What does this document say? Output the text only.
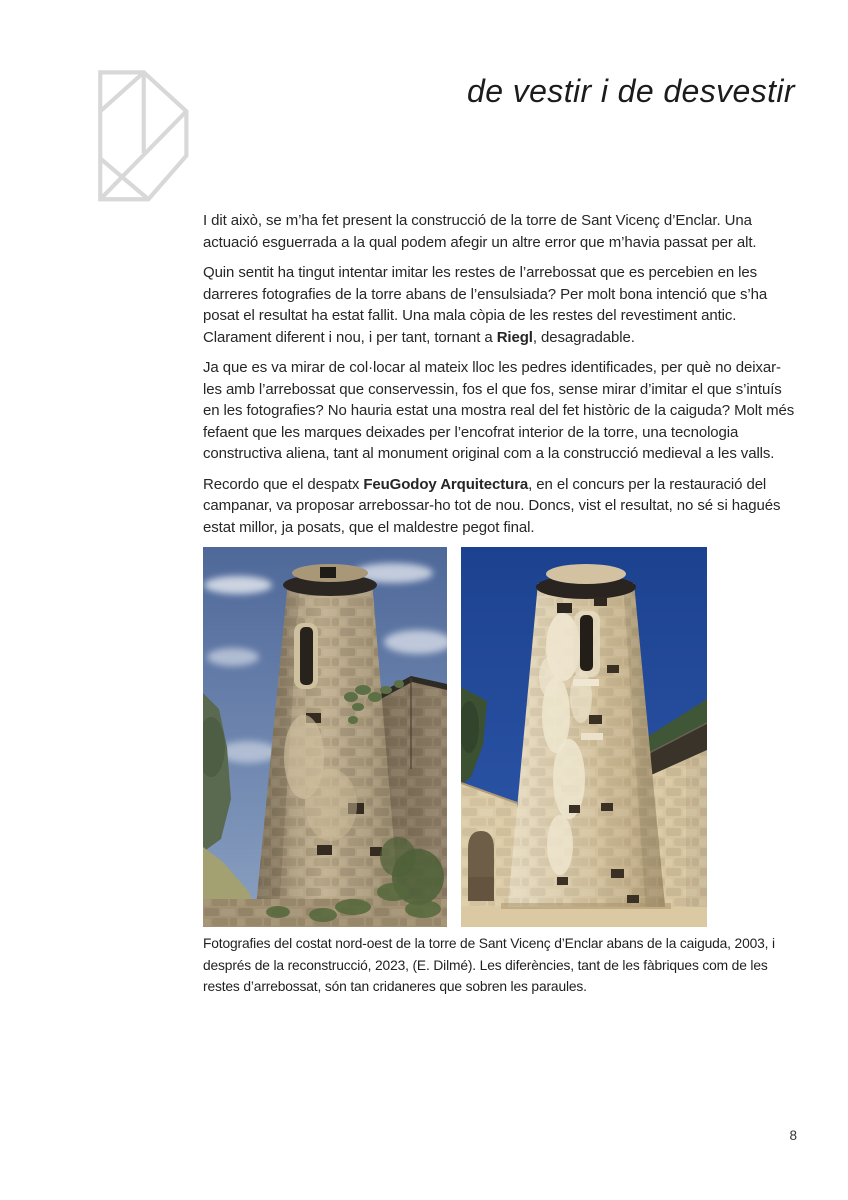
de vestir i de desvestir

I dit això, se m’ha fet present la construcció de la torre de Sant Vicenç d’Enclar. Una actuació esguerrada a la qual podem afegir un altre error que m’havia passat per alt.

Quin sentit ha tingut intentar imitar les restes de l’arrebossat que es percebien en les darreres fotografies de la torre abans de l’ensulsiada? Per molt bona intenció que s’ha posat el resultat ha estat fallit. Una mala còpia de les restes del revestiment antic. Clarament diferent i nou, i per tant, tornant a Riegl, desagradable.

Ja que es va mirar de col·locar al mateix lloc les pedres identificades, per què no deixar-les amb l’arrebossat que conservessin, fos el que fos, sense mirar d’imitar el que s’intuís en les fotografies? No hauria estat una mostra real del fet històric de la caiguda? Molt més fefaent que les marques deixades per l’encofrat interior de la torre, una tecnologia constructiva aliena, tant al monument original com a la construcció medieval a les valls.

Recordo que el despatx FeuGodoy Arquitectura, en el concurs per la restauració del campanar, va proposar arrebossar-ho tot de nou. Doncs, vist el resultat, no sé si hagués estat millor, ja posats, que el maldestre pegot final.

Fotografies del costat nord-oest de la torre de Sant Vicenç d’Enclar abans de la caiguda, 2003, i després de la reconstrucció, 2023, (E. Dilmé). Les diferències, tant de les fàbriques com de les restes d’arrebossat, són tan cridaneres que sobren les paraules.
8
